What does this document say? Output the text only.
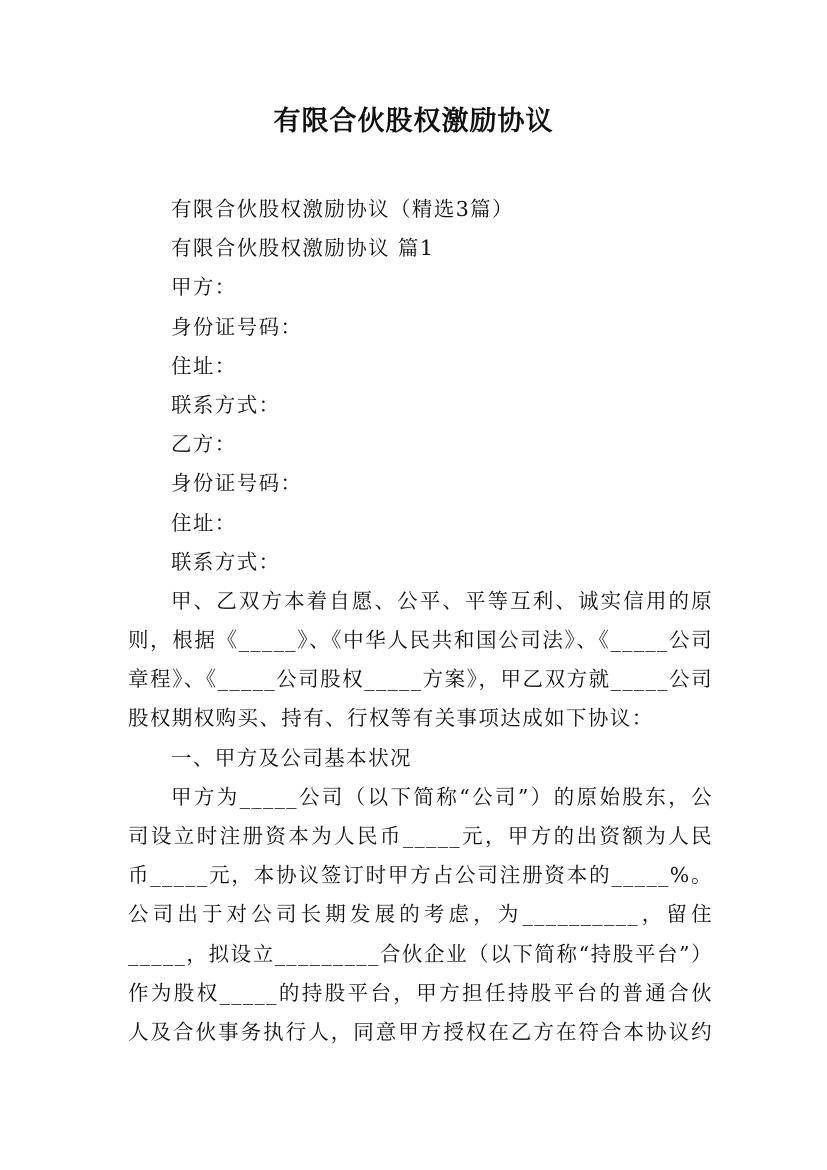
有限合伙股权激励协议
有限合伙股权激励协议（精选3篇）
有限合伙股权激励协议 篇1
甲方：
身份证号码：
住址：
联系方式：
乙方：
身份证号码：
住址：
联系方式：
甲、乙双方本着自愿、公平、平等互利、诚实信用的原
则，根据《_____》、《中华人民共和国公司法》、《_____公司
章程》、《_____公司股权_____方案》，甲乙双方就_____公司
股权期权购买、持有、行权等有关事项达成如下协议：
一、甲方及公司基本状况
甲方为_____公司（以下简称“公司”）的原始股东，公
司设立时注册资本为人民币_____元，甲方的出资额为人民
币_____元，本协议签订时甲方占公司注册资本的_____%。
公司出于对公司长期发展的考虑，为__________，留住
_____，拟设立_________合伙企业（以下简称“持股平台”）
作为股权_____的持股平台，甲方担任持股平台的普通合伙
人及合伙事务执行人，同意甲方授权在乙方在符合本协议约
